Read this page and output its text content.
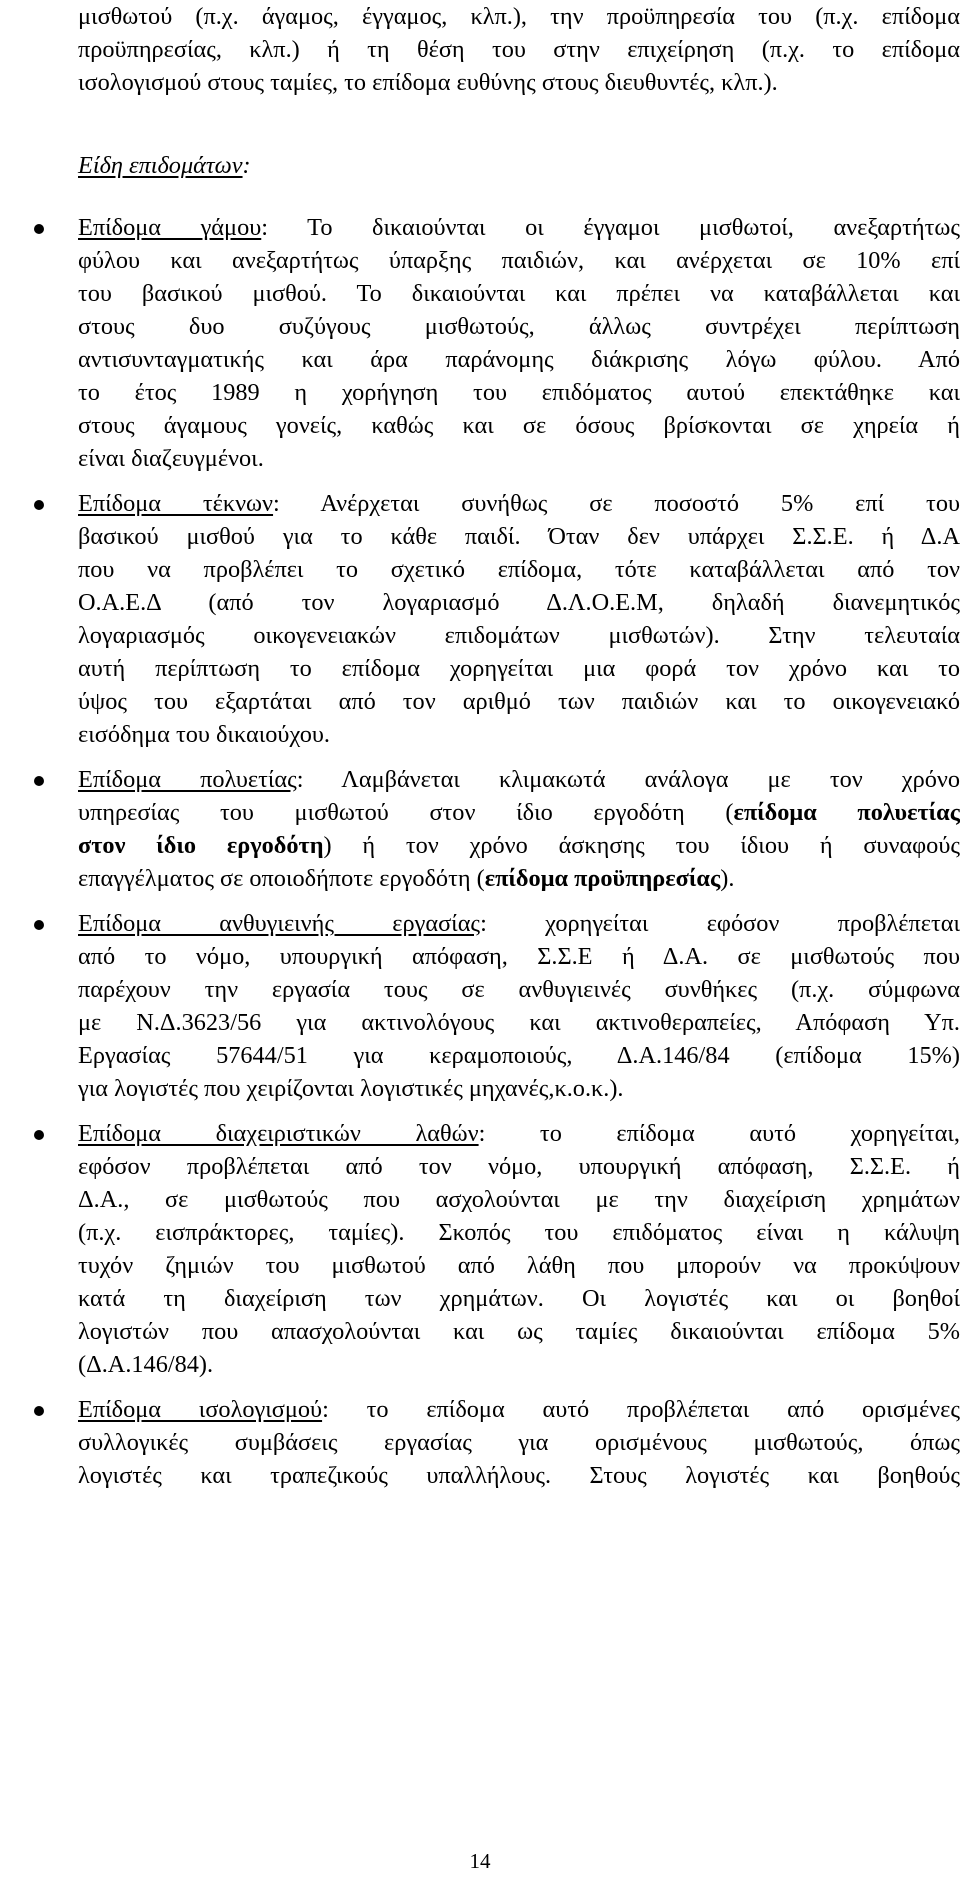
μισθωτού (π.χ. άγαμος, έγγαμος, κλπ.), την προϋπηρεσία του (π.χ. επίδομα
προϋπηρεσίας, κλπ.) ή τη θέση του στην επιχείρηση (π.χ. το επίδομα
ισολογισμού στους ταμίες, το επίδομα ευθύνης στους διευθυντές, κλπ.).
Είδη επιδομάτων:
Επίδομα γάμου: Το δικαιούνται οι έγγαμοι μισθωτοί, ανεξαρτήτως
φύλου και ανεξαρτήτως ύπαρξης παιδιών, και ανέρχεται σε 10% επί
του βασικού μισθού. Το δικαιούνται και πρέπει να καταβάλλεται και
στους δυο συζύγους μισθωτούς, άλλως συντρέχει περίπτωση
αντισυνταγματικής και άρα παράνομης διάκρισης λόγω φύλου. Από
το έτος 1989 η χορήγηση του επιδόματος αυτού επεκτάθηκε και
στους άγαμους γονείς, καθώς και σε όσους βρίσκονται σε χηρεία ή
είναι διαζευγμένοι.
Επίδομα τέκνων: Ανέρχεται συνήθως σε ποσοστό 5% επί του
βασικού μισθού για το κάθε παιδί. Όταν δεν υπάρχει Σ.Σ.Ε. ή Δ.Α
που να προβλέπει το σχετικό επίδομα, τότε καταβάλλεται από τον
Ο.Α.Ε.Δ (από τον λογαριασμό Δ.Λ.Ο.Ε.Μ, δηλαδή διανεμητικός
λογαριασμός οικογενειακών επιδομάτων μισθωτών). Στην τελευταία
αυτή περίπτωση το επίδομα χορηγείται μια φορά τον χρόνο και το
ύψος του εξαρτάται από τον αριθμό των παιδιών και το οικογενειακό
εισόδημα του δικαιούχου.
Επίδομα πολυετίας: Λαμβάνεται κλιμακωτά ανάλογα με τον χρόνο
υπηρεσίας του μισθωτού στον ίδιο εργοδότη (επίδομα πολυετίας
στον ίδιο εργοδότη) ή τον χρόνο άσκησης του ίδιου ή συναφούς
επαγγέλματος σε οποιοδήποτε εργοδότη (επίδομα προϋπηρεσίας).
Επίδομα ανθυγιεινής εργασίας: χορηγείται εφόσον προβλέπεται
από το νόμο, υπουργική απόφαση, Σ.Σ.Ε ή Δ.Α. σε μισθωτούς που
παρέχουν την εργασία τους σε ανθυγιεινές συνθήκες (π.χ. σύμφωνα
με Ν.Δ.3623/56 για ακτινολόγους και ακτινοθεραπείες, Απόφαση Υπ.
Εργασίας 57644/51 για κεραμοποιούς, Δ.Α.146/84 (επίδομα 15%)
για λογιστές που χειρίζονται λογιστικές μηχανές,κ.ο.κ.).
Επίδομα διαχειριστικών λαθών: το επίδομα αυτό χορηγείται,
εφόσον προβλέπεται από τον νόμο, υπουργική απόφαση, Σ.Σ.Ε. ή
Δ.Α., σε μισθωτούς που ασχολούνται με την διαχείριση χρημάτων
(π.χ. εισπράκτορες, ταμίες). Σκοπός του επιδόματος είναι η κάλυψη
τυχόν ζημιών του μισθωτού από λάθη που μπορούν να προκύψουν
κατά τη διαχείριση των χρημάτων. Οι λογιστές και οι βοηθοί
λογιστών που απασχολούνται και ως ταμίες δικαιούνται επίδομα 5%
(Δ.Α.146/84).
Επίδομα ισολογισμού: το επίδομα αυτό προβλέπεται από ορισμένες
συλλογικές συμβάσεις εργασίας για ορισμένους μισθωτούς, όπως
λογιστές και τραπεζικούς υπαλλήλους. Στους λογιστές και βοηθούς
14
